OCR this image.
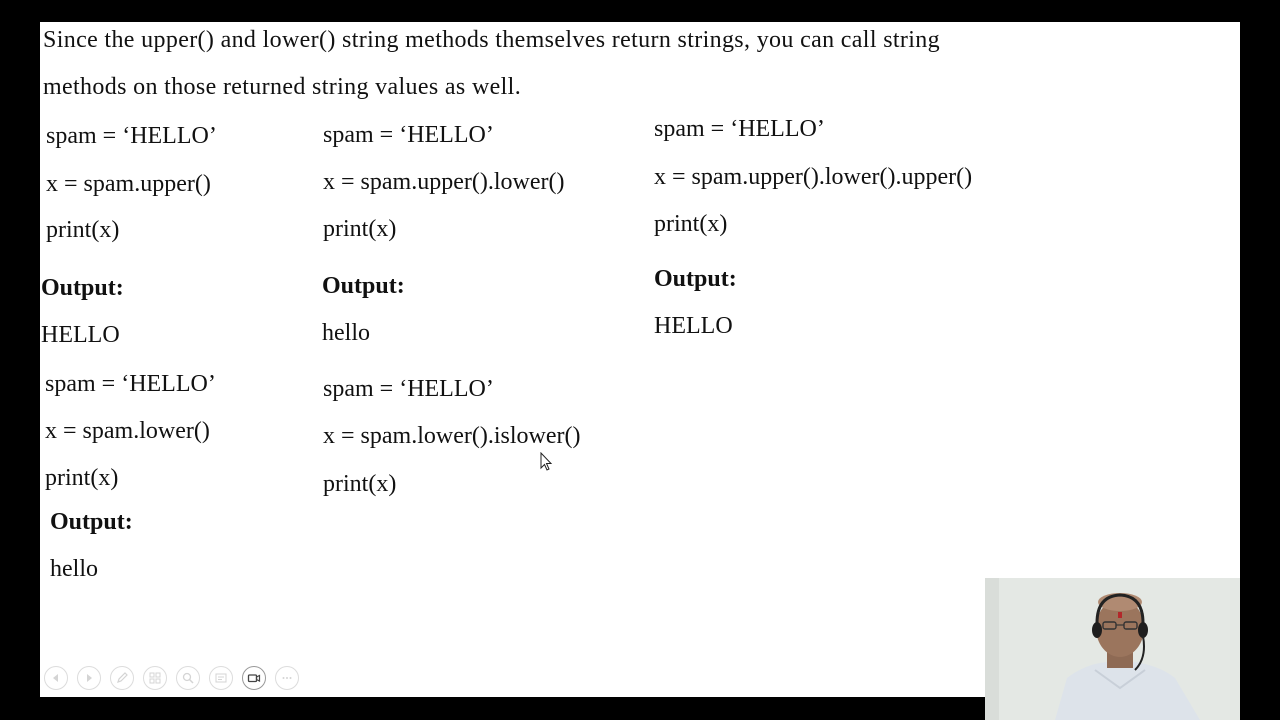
Since the upper() and lower() string methods themselves return strings, you can call string
methods on those returned string values as well.
spam = ‘HELLO’
x = spam.upper()
print(x)
Output:
HELLO
spam = ‘HELLO’
x = spam.upper().lower()
print(x)
Output:
hello
spam = ‘HELLO’
x = spam.upper().lower().upper()
print(x)
Output:
HELLO
spam = ‘HELLO’
x = spam.lower()
print(x)
Output:
hello
spam = ‘HELLO’
x = spam.lower().islower()
print(x)
